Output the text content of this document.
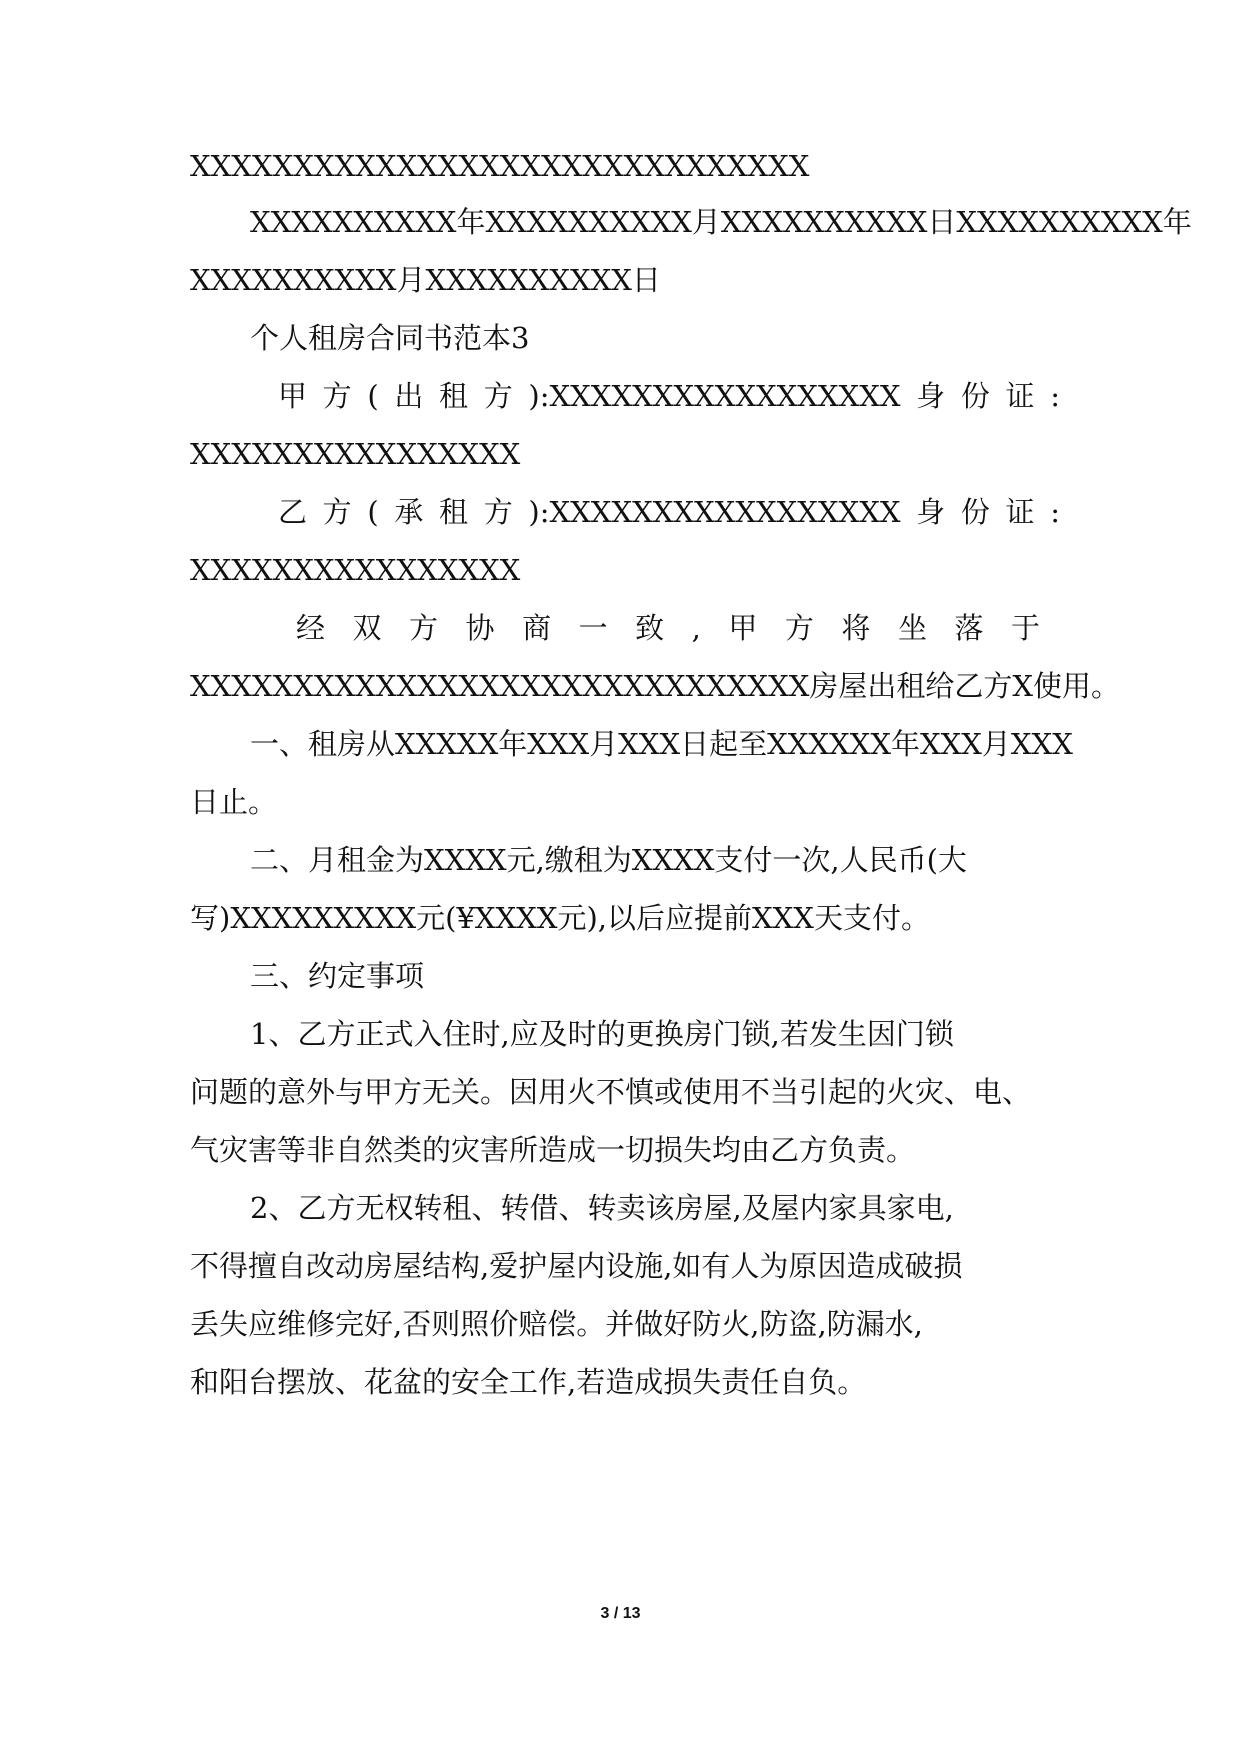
XXXXXXXXXXXXXXXXXXXXXXXXXXXXXX
XXXXXXXXXX年XXXXXXXXXX月XXXXXXXXXX日XXXXXXXXXX年
XXXXXXXXXX月XXXXXXXXXX日
个人租房合同书范本3
甲方(出租方):XXXXXXXXXXXXXXXXX身份证:
XXXXXXXXXXXXXXXX
乙方(承租方):XXXXXXXXXXXXXXXXX身份证:
XXXXXXXXXXXXXXXX
经双方协商一致,甲方将坐落于
XXXXXXXXXXXXXXXXXXXXXXXXXXXXXX房屋出租给乙方X使用。
一、租房从XXXXX年XXX月XXX日起至XXXXXX年XXX月XXX
日止。
二、月租金为XXXX元,缴租为XXXX支付一次,人民币(大
写)XXXXXXXXX元(¥XXXX元),以后应提前XXX天支付。
三、约定事项
1、乙方正式入住时,应及时的更换房门锁,若发生因门锁
问题的意外与甲方无关。因用火不慎或使用不当引起的火灾、电、
气灾害等非自然类的灾害所造成一切损失均由乙方负责。
2、乙方无权转租、转借、转卖该房屋,及屋内家具家电,
不得擅自改动房屋结构,爱护屋内设施,如有人为原因造成破损
丢失应维修完好,否则照价赔偿。并做好防火,防盗,防漏水,
和阳台摆放、花盆的安全工作,若造成损失责任自负。
3 / 13
